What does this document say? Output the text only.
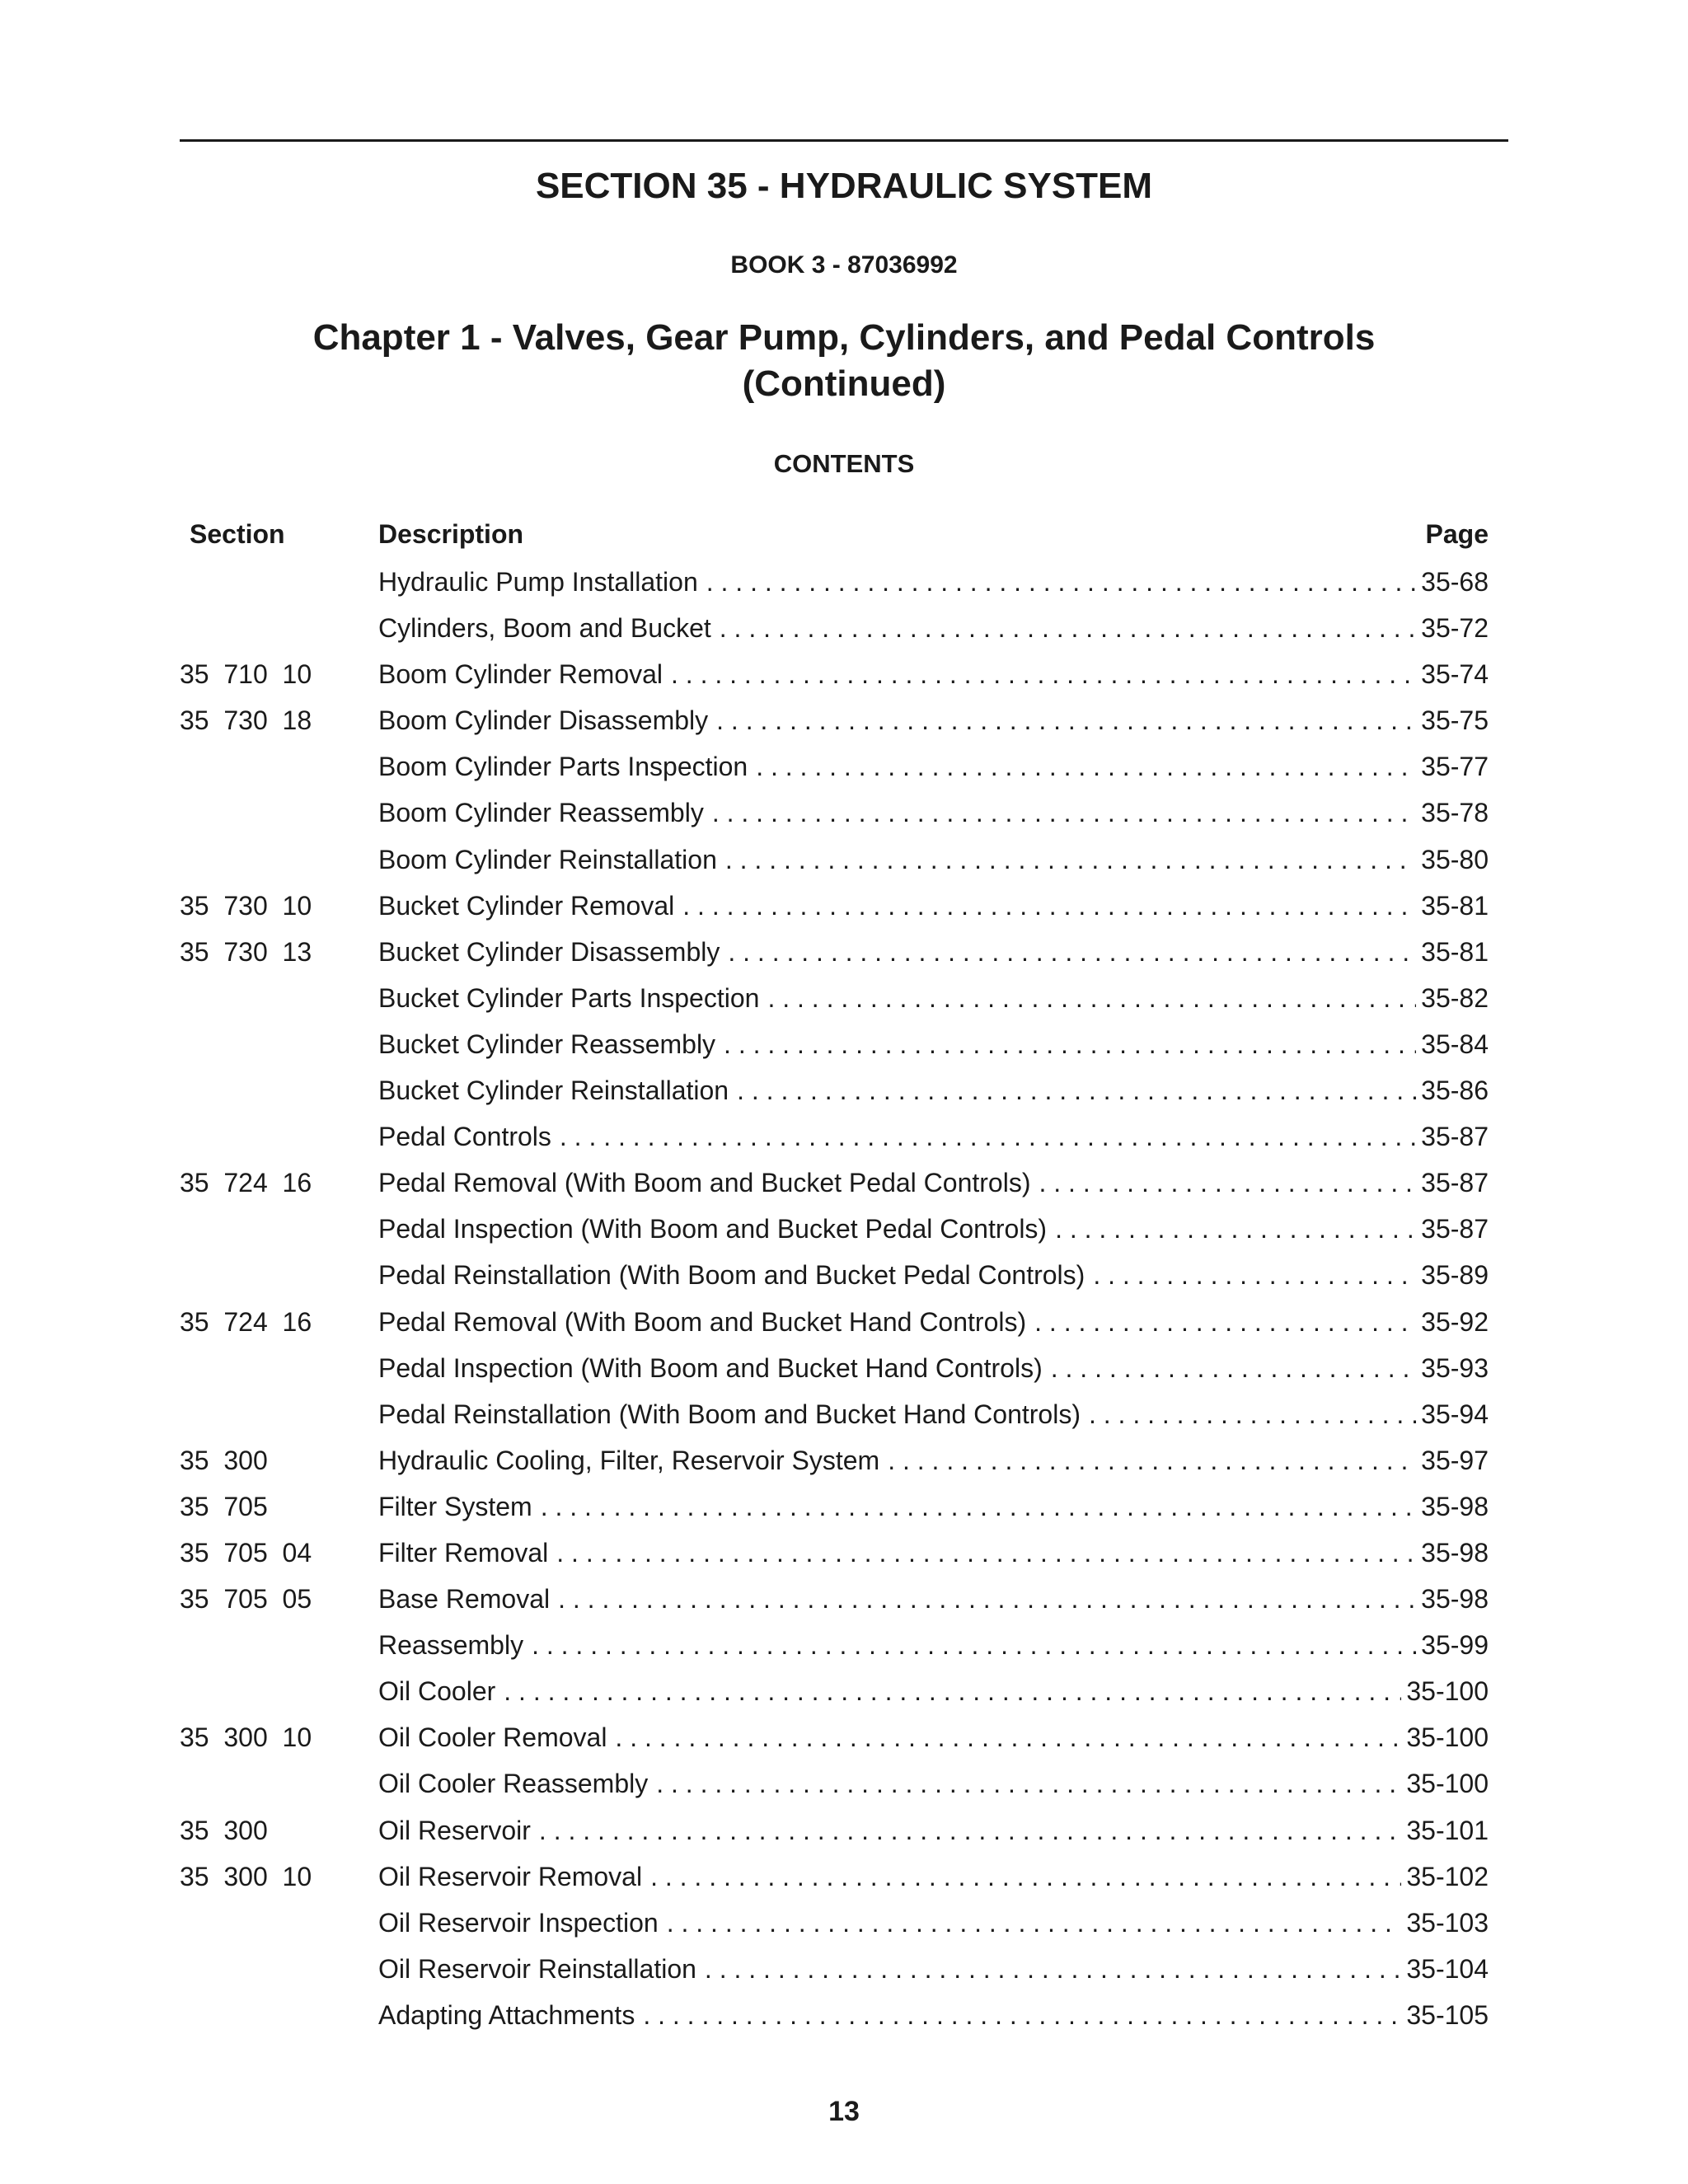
SECTION 35 - HYDRAULIC SYSTEM
BOOK 3 - 87036992
Chapter 1 - Valves, Gear Pump, Cylinders, and Pedal Controls
(Continued)
CONTENTS
Section	Description	Page
Hydraulic Pump Installation . . .	35-68
Cylinders, Boom and Bucket . . .	35-72
35  710  10	Boom Cylinder Removal . . .	35-74
35  730  18	Boom Cylinder Disassembly . . .	35-75
Boom Cylinder Parts Inspection . . .	35-77
Boom Cylinder Reassembly . . .	35-78
Boom Cylinder Reinstallation . . .	35-80
35  730  10	Bucket Cylinder Removal . . .	35-81
35  730  13	Bucket Cylinder Disassembly . . .	35-81
Bucket Cylinder Parts Inspection . . .	35-82
Bucket Cylinder Reassembly . . .	35-84
Bucket Cylinder Reinstallation . . .	35-86
Pedal Controls . . .	35-87
35  724  16	Pedal Removal (With Boom and Bucket Pedal Controls) . . .	35-87
Pedal Inspection (With Boom and Bucket Pedal Controls) . . .	35-87
Pedal Reinstallation (With Boom and Bucket Pedal Controls) . . .	35-89
35  724  16	Pedal Removal (With Boom and Bucket Hand Controls) . . .	35-92
Pedal Inspection (With Boom and Bucket Hand Controls) . . .	35-93
Pedal Reinstallation (With Boom and Bucket Hand Controls) . . .	35-94
35  300	Hydraulic Cooling, Filter, Reservoir System . . .	35-97
35  705	Filter System . . .	35-98
35  705  04	Filter Removal . . .	35-98
35  705  05	Base Removal . . .	35-98
Reassembly . . .	35-99
Oil Cooler . . .	35-100
35  300  10	Oil Cooler Removal . . .	35-100
Oil Cooler Reassembly . . .	35-100
35  300	Oil Reservoir . . .	35-101
35  300  10	Oil Reservoir Removal . . .	35-102
Oil Reservoir Inspection . . .	35-103
Oil Reservoir Reinstallation . . .	35-104
Adapting Attachments . . .	35-105
13
